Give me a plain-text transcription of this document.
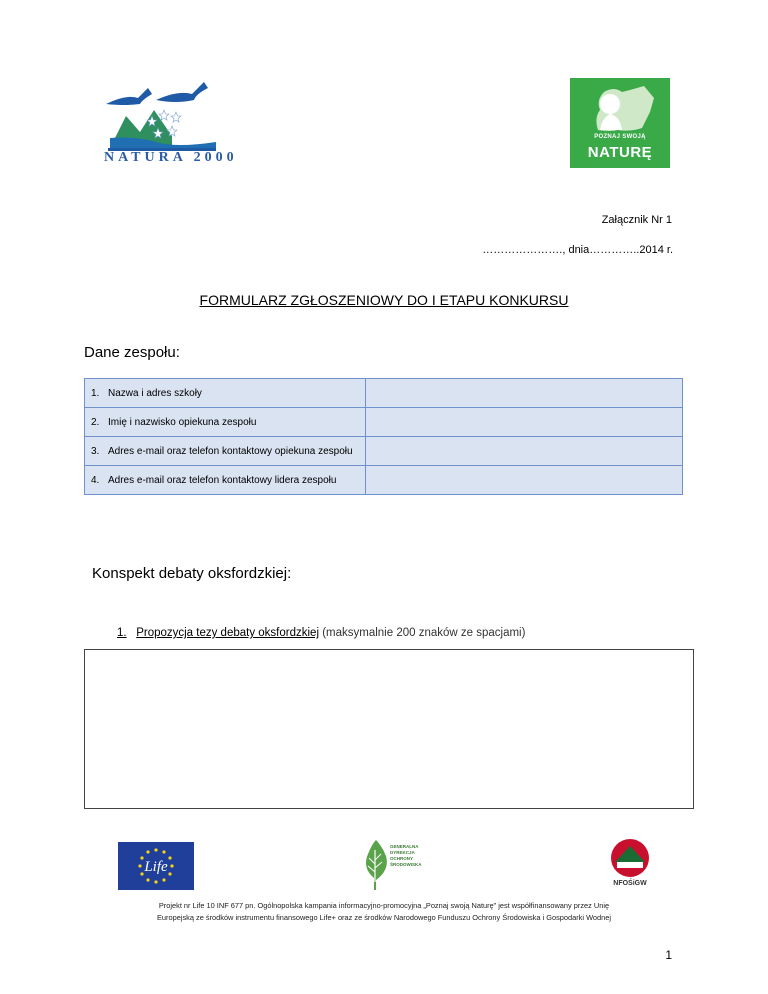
NATURA 2000
POZNAJ SWOJĄ
NATURĘ
Załącznik Nr 1
…………………., dnia…………..2014 r.
FORMULARZ ZGŁOSZENIOWY DO I ETAPU KONKURSU
Dane zespołu:
1. Nazwa i adres szkoły	

2. Imię i nazwisko opiekuna zespołu	

3. Adres e-mail oraz telefon kontaktowy opiekuna zespołu	

4. Adres e-mail oraz telefon kontaktowy lidera zespołu	

Konspekt debaty oksfordzkiej:
1. Propozycja tezy debaty oksfordzkiej (maksymalnie 200 znaków ze spacjami)
Life
GENERALNA DYREKCJA OCHRONY ŚRODOWISKA
NFOŚiGW
Projekt nr Life 10 INF 677 pn. Ogólnopolska kampania informacyjno-promocyjna „Poznaj swoją Naturę” jest współfinansowany przez Unię
Europejską ze środków instrumentu finansowego Life+ oraz ze środków Narodowego Funduszu Ochrony Środowiska i Gospodarki Wodnej
1
